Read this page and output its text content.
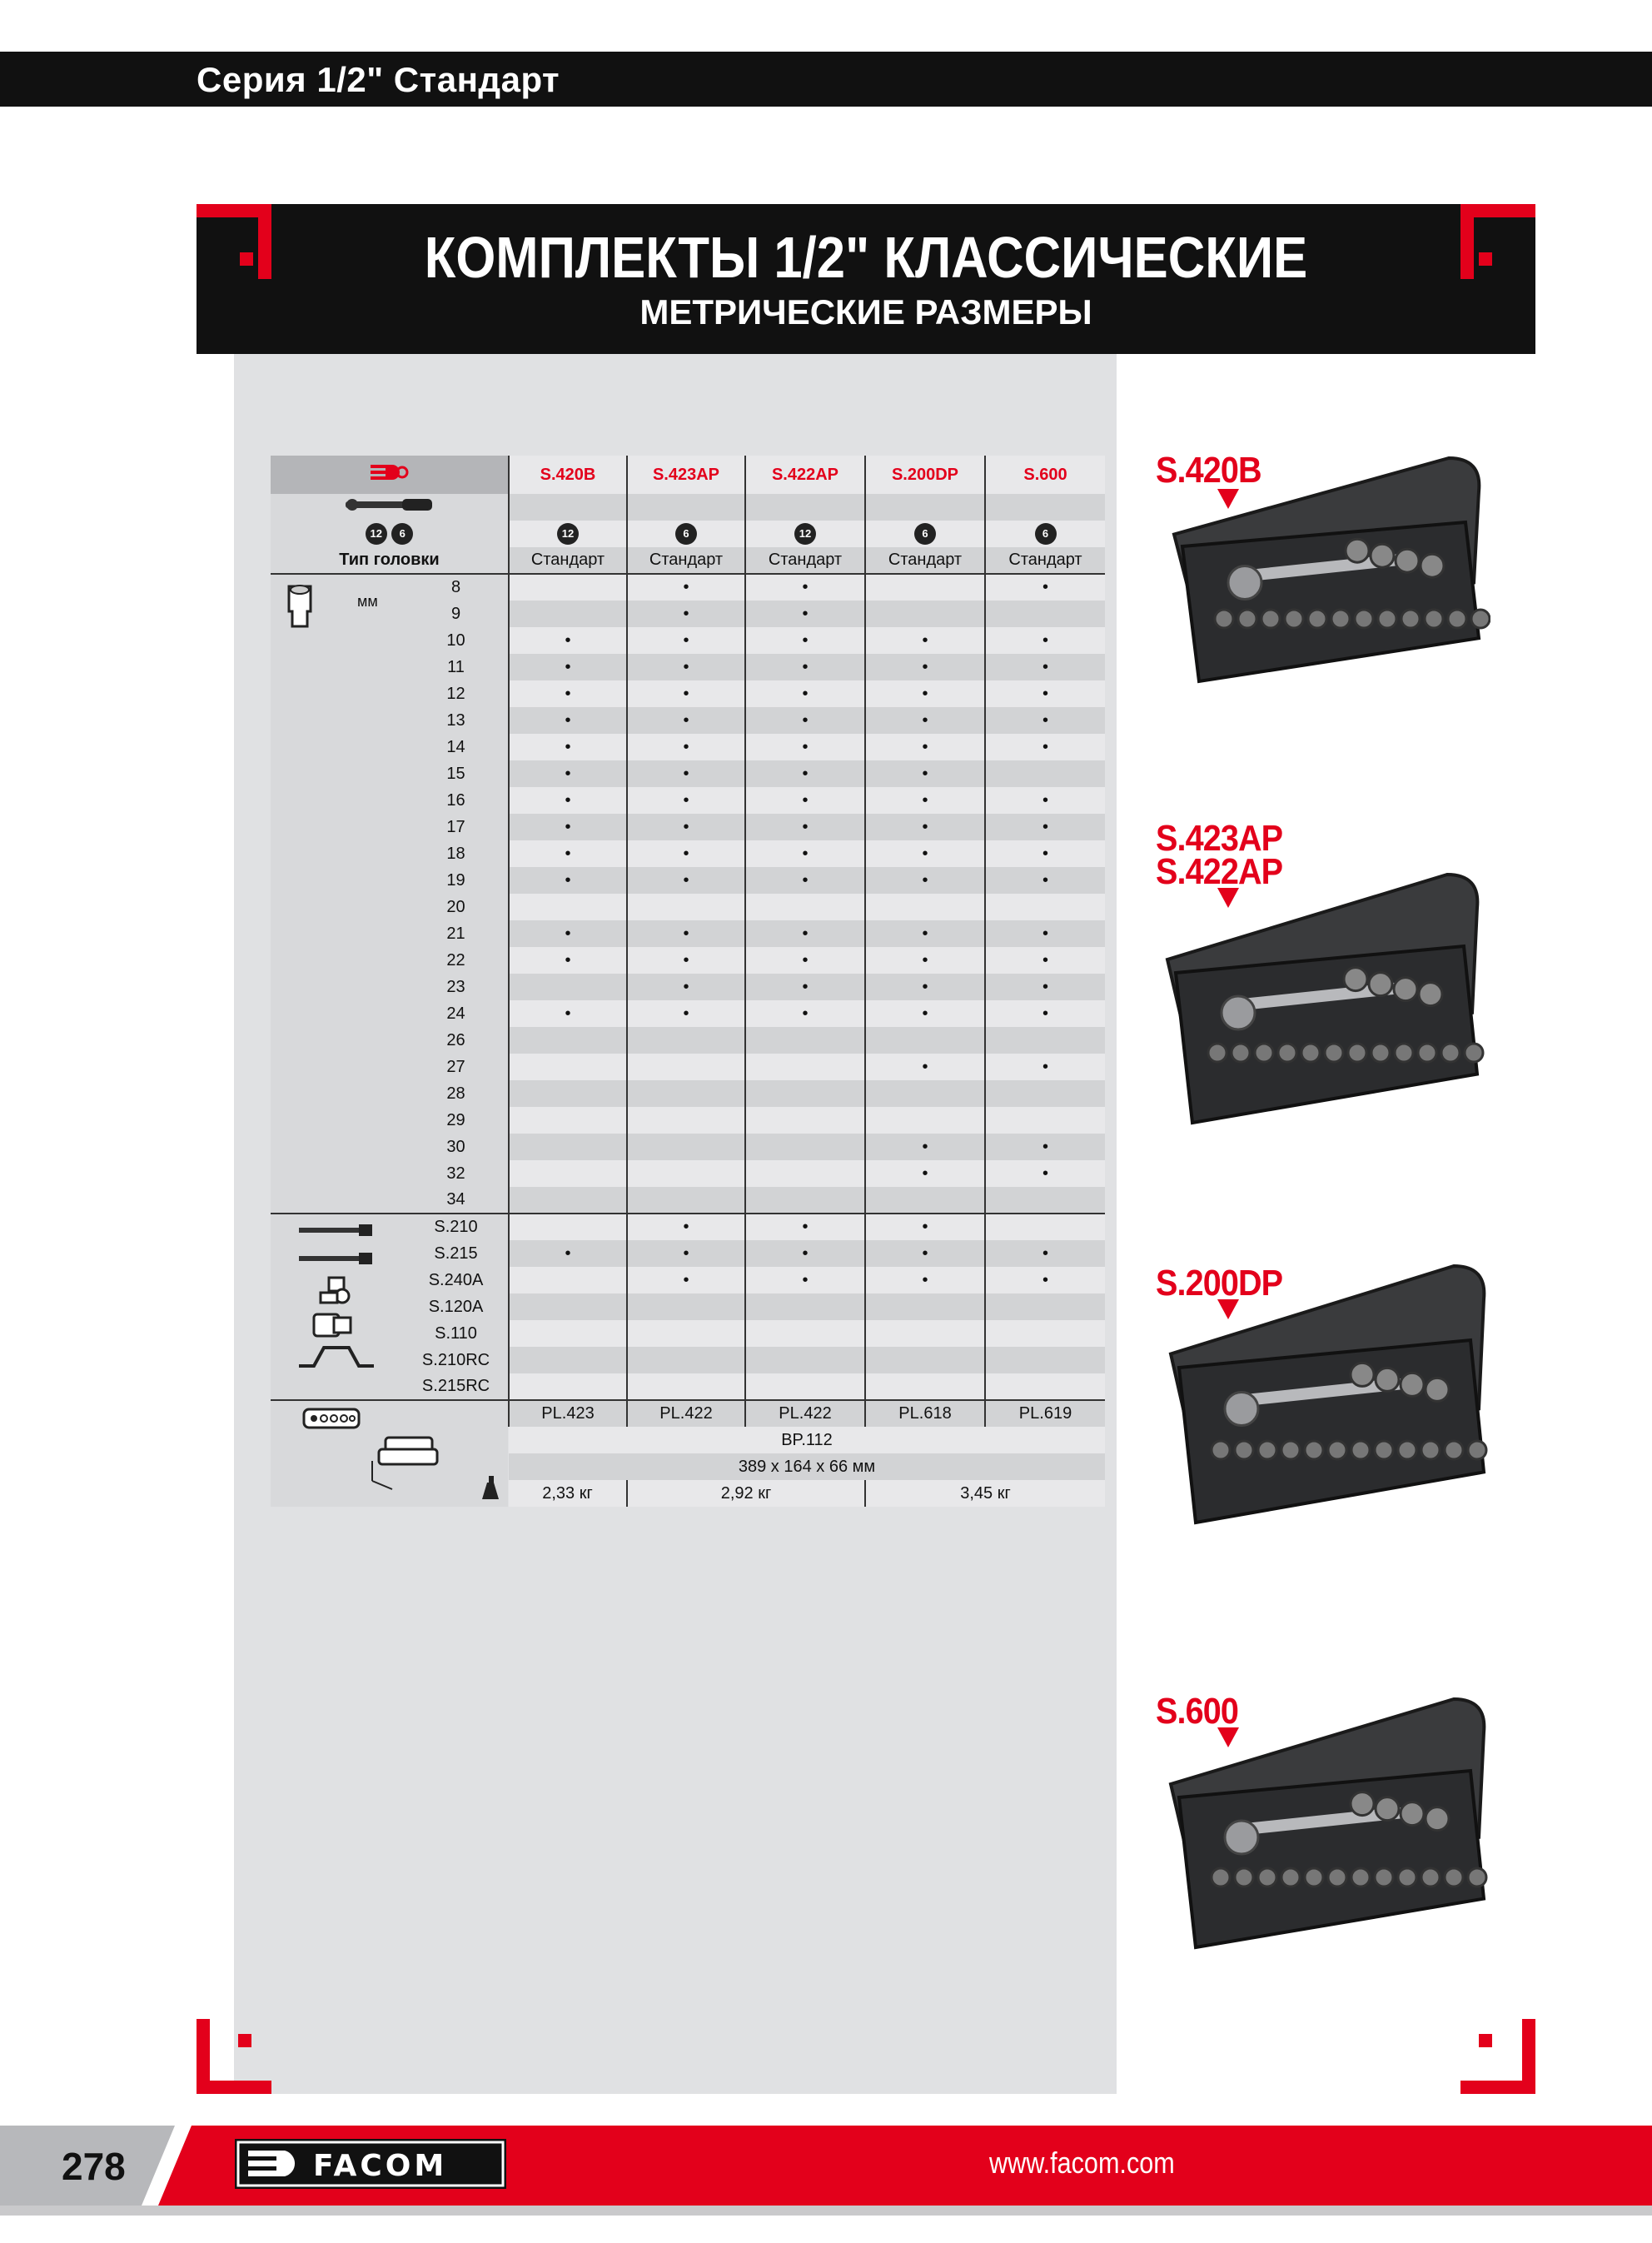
Серия 1/2" Стандарт
КОМПЛЕКТЫ 1/2" КЛАССИЧЕСКИЕ
МЕТРИЧЕСКИЕ РАЗМЕРЫ
	S.420B	S.423AP	S.422AP	S.200DP	S.600

12 6		12	6	12	6	6
Тип головки		Стандарт	Стандарт	Стандарт	Стандарт	Стандарт

мм	8		•	•		•
	9		•	•		
	10	•	•	•	•	•
	11	•	•	•	•	•
	12	•	•	•	•	•
	13	•	•	•	•	•
	14	•	•	•	•	•
	15	•	•	•	•	
	16	•	•	•	•	•
	17	•	•	•	•	•
	18	•	•	•	•	•
	19	•	•	•	•	•
	20					
	21	•	•	•	•	•
	22	•	•	•	•	•
	23		•	•	•	•
	24	•	•	•	•	•
	26					
	27				•	•
	28					
	29					
	30				•	•
	32				•	•
	34					

	S.210		•	•	•	
	S.215	•	•	•	•	•
	S.240A		•	•	•	•
	S.120A					
	S.110					
	S.210RC					
	S.215RC					

	PL.423	PL.422	PL.422	PL.618	PL.619
		BP.112				
		389 x 164 x 66 мм				
		2,33 кг	2,92 кг		3,45 кг	
S.420B
S.423AP
S.422AP
S.200DP
S.600
278	FACOM	www.facom.com
